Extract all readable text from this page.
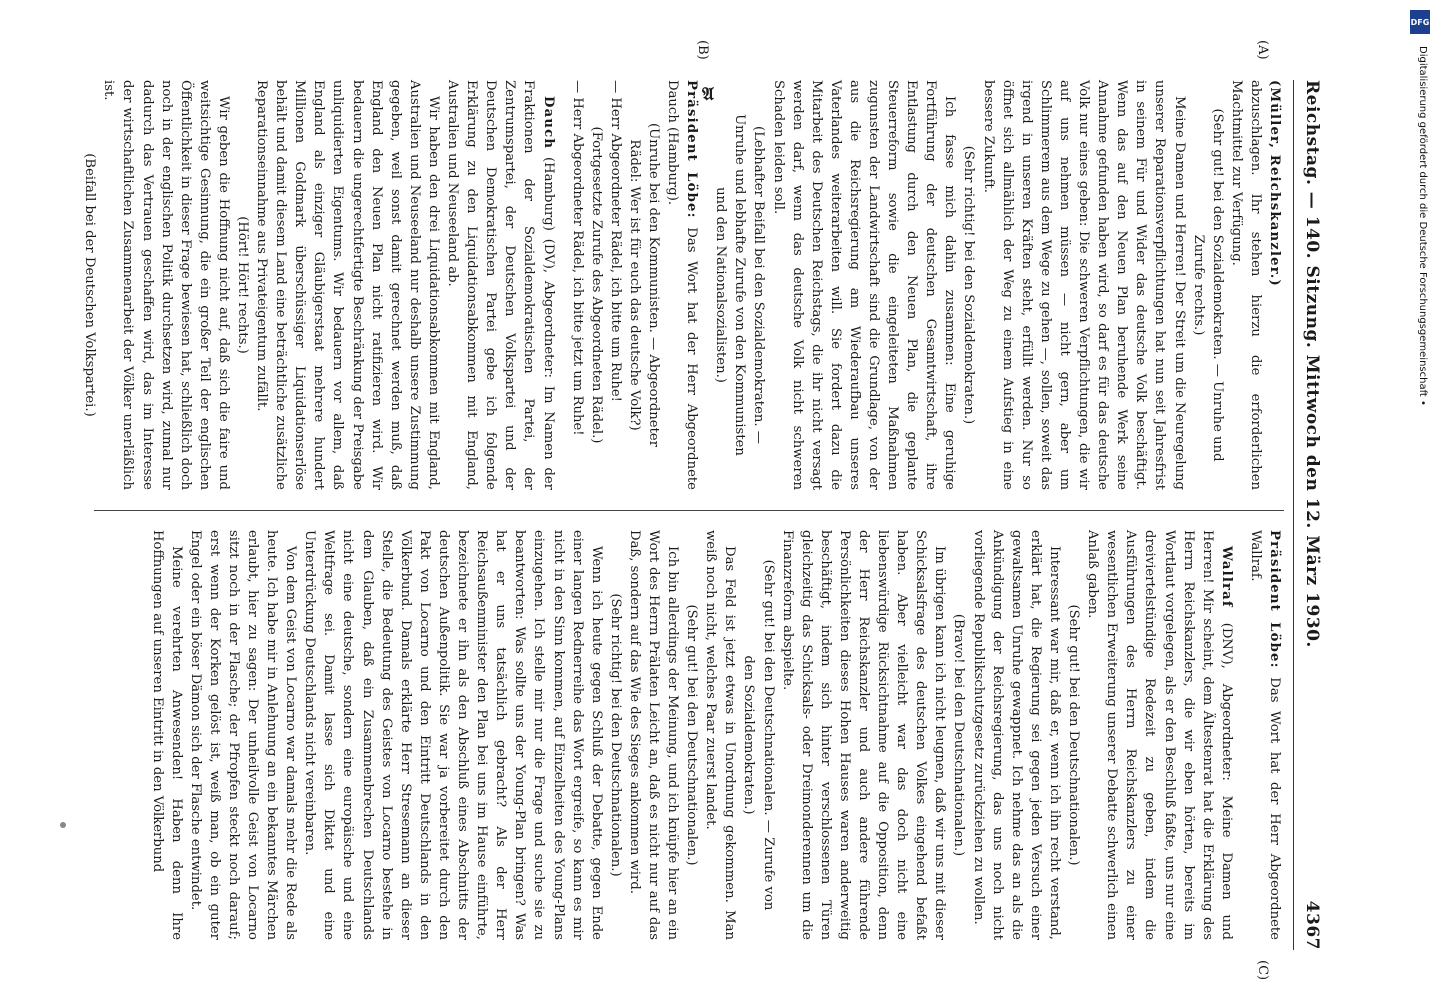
Reichstag. — 140. Sitzung. Mittwoch den 12. März 1930.
4367

(Müller, Reichskanzler.)

abzuschlagen. Ihr stehen hierzu die erforderlichen Machtmittel zur Verfügung.

(Sehr gut! bei den Sozialdemokraten. — Unruhe und Zurufe rechts.)

Meine Damen und Herren! Der Streit um die Neuregelung unserer Reparationsverpflichtungen hat nun seit Jahresfrist in seinem Für und Wider das deutsche Volk beschäftigt. Wenn das auf den Neuen Plan beruhende Werk seine Annahme gefunden haben wird, so darf es für das deutsche Volk nur eines geben: Die schweren Verpflichtungen, die wir auf uns nehmen müssen — nicht gern, aber um Schlimmerem aus dem Wege zu gehen —, sollen, soweit das irgend in unseren Kräften steht, erfüllt werden. Nur so öffnet sich allmählich der Weg zu einem Aufstieg in eine bessere Zukunft.

(Sehr richtig! bei den Sozialdemokraten.)

Ich fasse mich dahin zusammen: Eine geruhige Fortführung der deutschen Gesamtwirtschaft, ihre Entlastung durch den Neuen Plan, die geplante Steuerreform sowie die eingeleiteten Maßnahmen zugunsten der Landwirtschaft sind die Grundlage, von der aus die Reichsregierung am Wiederaufbau unseres Vaterlandes weiterarbeiten will. Sie fordert dazu die Mitarbeit des Deutschen Reichstags, die ihr nicht versagt werden darf, wenn das deutsche Volk nicht schweren Schaden leiden soll.

(Lebhafter Beifall bei den Sozialdemokraten. — Unruhe und lebhafte Zurufe von den Kommunisten und den Nationalsozialisten.)

Präsident Löbe: Das Wort hat der Herr Abgeordnete Dauch (Hamburg).

(Unruhe bei den Kommunisten. — Abgeordneter Rädel: Wer ist für euch das deutsche Volk?)

— Herr Abgeordneter Rädel, ich bitte um Ruhe!

(Fortgesetzte Zurufe des Abgeordneten Rädel.)

— Herr Abgeordneter Rädel, ich bitte jetzt um Ruhe!

Dauch (Hamburg) (DV), Abgeordneter: Im Namen der Fraktionen der Sozialdemokratischen Partei, der Zentrumspartei, der Deutschen Volkspartei und der Deutschen Demokratischen Partei gebe ich folgende Erklärung zu den Liquidationsabkommen mit England, Australien und Neuseeland ab.

Wir haben den drei Liquidationsabkommen mit England, Australien und Neuseeland nur deshalb unsere Zustimmung gegeben, weil sonst damit gerechnet werden muß, daß England den Neuen Plan nicht ratifizieren wird. Wir bedauern die ungerechtfertigte Beschränkung der Preisgabe unliquidierten Eigentums. Wir bedauern vor allem, daß England als einziger Gläubigerstaat mehrere hundert Millionen Goldmark überschüssiger Liquidationserlöse behält und damit diesem Land eine beträchtliche zusätzliche Reparationseinnahme aus Privateigentum zufällt.

(Hört! Hört! rechts.)

Wir geben die Hoffnung nicht auf, daß sich die faire und weitsichtige Gesinnung, die ein großer Teil der englischen Öffentlichkeit in dieser Frage bewiesen hat, schließlich doch noch in der englischen Politik durchsetzen wird, zumal nur dadurch das Vertrauen geschaffen wird, das im Interesse der wirtschaftlichen Zusammenarbeit der Völker unerläßlich ist.

(Beifall bei der Deutschen Volkspartei.)

Präsident Löbe: Das Wort hat der Herr Abgeordnete Wallraf.

Wallraf (DNV), Abgeordneter: Meine Damen und Herren! Mir scheint, dem Ältestenrat hat die Erklärung des Herrn Reichskanzlers, die wir eben hörten, bereits im Wortlaut vorgelegen, als er den Beschluß faßte, uns nur eine dreiviertelstündige Redezeit zu geben, indem die Ausführungen des Herrn Reichskanzlers zu einer wesentlichen Erweiterung unserer Debatte schwerlich einen Anlaß gaben.

(Sehr gut! bei den Deutschnationalen.)

Interessant war mir, daß er, wenn ich ihn recht verstand, erklärt hat, die Regierung sei gegen jeden Versuch einer gewaltsamen Unruhe gewappnet. Ich nehme das an als die Ankündigung der Reichsregierung, das uns noch nicht vorliegende Republikschutzgesetz zurückziehen zu wollen.

(Bravo! bei den Deutschnationalen.)

Im übrigen kann ich nicht leugnen, daß wir uns mit dieser Schicksalsfrage des deutschen Volkes eingehend befaßt haben. Aber vielleicht war das doch nicht eine liebenswürdige Rücksichtnahme auf die Opposition, denn der Herr Reichskanzler und auch andere führende Persönlichkeiten dieses Hohen Hauses waren anderweitig beschäftigt, indem sich hinter verschlossenen Türen gleichzeitig das Schicksals- oder Dreimonderennen um die Finanzreform abspielte.

(Sehr gut! bei den Deutschnationalen. — Zurufe von den Sozialdemokraten.)

Das Feld ist jetzt etwas in Unordnung gekommen. Man weiß noch nicht, welches Paar zuerst landet.

(Sehr gut! bei den Deutschnationalen.)

Ich bin allerdings der Meinung, und ich knüpfe hier an ein Wort des Herrn Prälaten Leicht an, daß es nicht nur auf das Daß, sondern auf das Wie des Sieges ankommen wird.

(Sehr richtig! bei den Deutschnationalen.)

Wenn ich heute gegen Schluß der Debatte, gegen Ende einer langen Rednerreihe das Wort ergreife, so kann es mir nicht in den Sinn kommen, auf Einzelheiten des Young-Plans einzugehen. Ich stelle mir nur die Frage und suche sie zu beantworten: Was sollte uns der Young-Plan bringen? Was hat er uns tatsächlich gebracht? Als der Herr Reichsaußenminister den Plan bei uns im Hause einführte, bezeichnete er ihn als den Abschluß eines Abschnitts der deutschen Außenpolitik. Sie war ja vorbereitet durch den Pakt von Locarno und den Eintritt Deutschlands in den Völkerbund. Damals erklärte Herr Stresemann an dieser Stelle, die Bedeutung des Geistes von Locarno bestehe in dem Glauben, daß ein Zusammenbrechen Deutschlands nicht eine deutsche, sondern eine europäische und eine Weltfrage sei. Damit lasse sich Diktat und eine Unterdrückung Deutschlands nicht vereinbaren.

Von dem Geist von Locarno war damals mehr die Rede als heute. Ich habe mir in Anlehnung an ein bekanntes Märchen erlaubt, hier zu sagen: Der unheilvolle Geist von Locarno sitzt noch in der Flasche; der Pfropfen steckt noch darauf; erst wenn der Korken gelöst ist, weiß man, ob ein guter Engel oder ein böser Dämon sich der Flasche entwindet.

Meine verehrten Anwesenden! Haben denn Ihre Hoffnungen auf unseren Eintritt in den Völkerbund

(A)
(B)
(C)
𝔄
DFG
Digitalisierung gefördert durch die Deutsche Forschungsgemeinschaft •
